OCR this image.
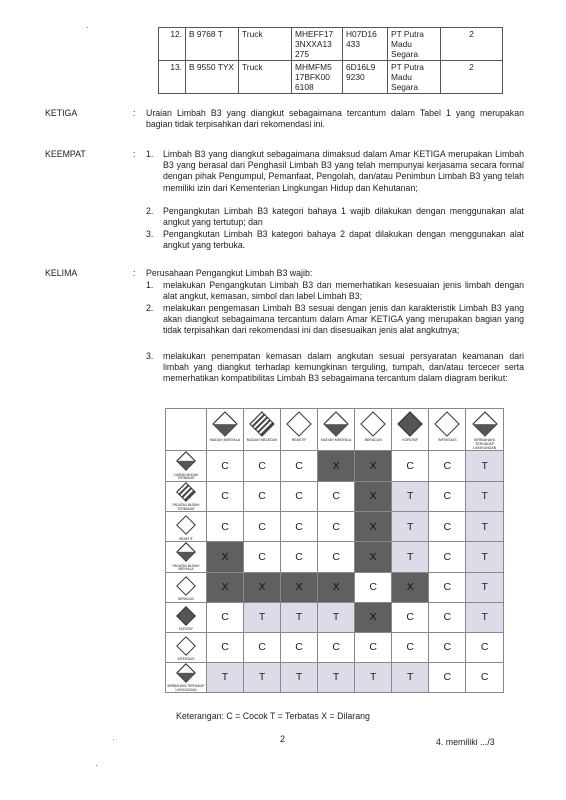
12.	B 9768 T	Truck	MHEFF17 3NXXA13 275	H07D16 433	PT Putra Madu Segara	2
13.	B 9550 TYX	Truck	MHMFM5 17BFK00 6108	6D16L9 9230	PT Putra Madu Segara	2
KETIGA	: Uraian Limbah B3 yang diangkut sebagaimana tercantum dalam Tabel 1 yang merupakan bagian tidak terpisahkan dari rekomendasi ini.
KEEMPAT	: 1. Limbah B3 yang diangkut sebagaimana dimaksud dalam Amar KETIGA merupakan Limbah B3 yang berasal dari Penghasil Limbah B3 yang telah mempunyai kerjasama secara formal dengan pihak Pengumpul, Pemanfaat, Pengolah, dan/atau Penimbun Limbah B3 yang telah memiliki izin dari Kementerian Lingkungan Hidup dan Kehutanan;
2. Pengangkutan Limbah B3 kategori bahaya 1 wajib dilakukan dengan menggunakan alat angkut yang tertutup; dan
3. Pengangkutan Limbah B3 kategori bahaya 2 dapat dilakukan dengan menggunakan alat angkut yang terbuka.
KELIMA	: Perusahaan Pengangkut Limbah B3 wajib:
1. melakukan Pengangkutan Limbah B3 dan memerhatikan kesesuaian jenis limbah dengan alat angkut, kemasan, simbol dan label Limbah B3;
2. melakukan pengemasan Limbah B3 sesuai dengan jenis dan karakteristik Limbah B3 yang akan diangkut sebagaimana tercantum dalam Amar KETIGA yang merupakan bagian yang tidak terpisahkan dari rekomendasi ini dan disesuaikan jenis alat angkutnya;
3. melakukan penempatan kemasan dalam angkutan sesuai persyaratan keamanan dari limbah yang diangkut terhadap kemungkinan terguling, tumpah, dan/atau tercecer serta memerhatikan kompatibilitas Limbah B3 sebagaimana tercantum dalam diagram berikut:

	MUDAH MENYALA	MUDAH MELEDAK	REAKTIF	MUDAH MENYALA	BERACUN	KOROSIF	INFEKSIUS	BERBAHAYA TERHADAP LINGKUNGAN

CAIRAN MUDAH TERBAKAR	C	C	C	X	X	C	C	T

PADATAN MUDAH TERBAKAR	C	C	C	C	X	T	C	T

REAKTIF	C	C	C	C	X	T	C	T

PADATAN MUDAH MENYALA	X	C	C	C	X	T	C	T

BERACUN	X	X	X	X	C	X	C	T

KOROSIF	C	T	T	T	X	C	C	T

INFEKSIUS	C	C	C	C	C	C	C	C

BERBAHAYA TERHADAP LINGKUNGAN	T	T	T	T	T	T	C	C
Keterangan: C = Cocok T = Terbatas X = Dilarang
2	4. memiliki .../3
·
·
·
